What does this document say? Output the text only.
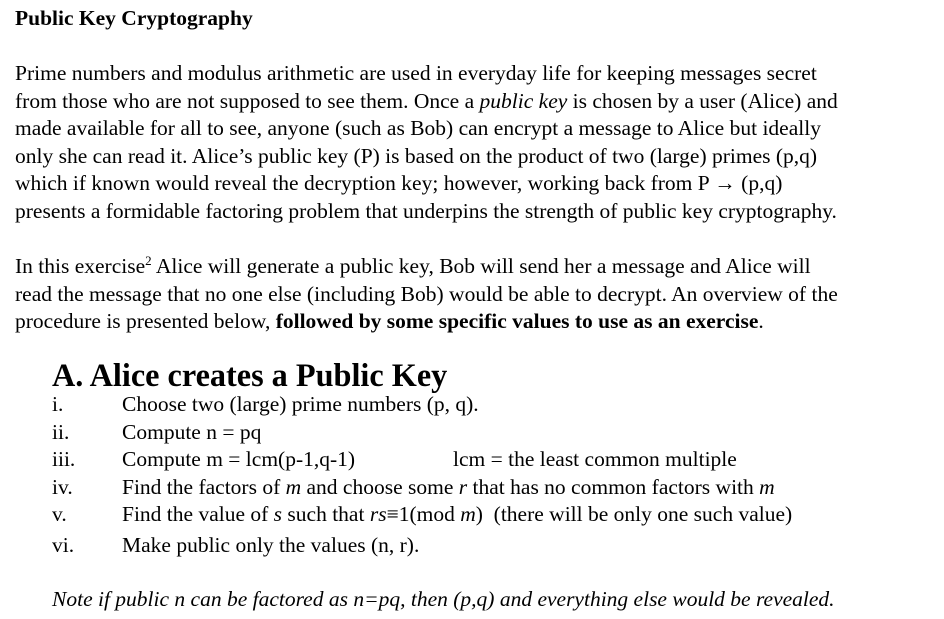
Public Key Cryptography

Prime numbers and modulus arithmetic are used in everyday life for keeping messages secret
from those who are not supposed to see them. Once a public key is chosen by a user (Alice) and
made available for all to see, anyone (such as Bob) can encrypt a message to Alice but ideally
only she can read it. Alice’s public key (P) is based on the product of two (large) primes (p,q)
which if known would reveal the decryption key; however, working back from P → (p,q)
presents a formidable factoring problem that underpins the strength of public key cryptography.

In this exercise$^2$ Alice will generate a public key, Bob will send her a message and Alice will
read the message that no one else (including Bob) would be able to decrypt. An overview of the
procedure is presented below, followed by some specific values to use as an exercise.

A. Alice creates a Public Key
i.	Choose two (large) prime numbers (p, q).
ii.	Compute n = pq
iii.	Compute m = lcm(p-1,q-1)	lcm = the least common multiple
iv.	Find the factors of m and choose some r that has no common factors with m
v.	Find the value of s such that rs≡1(mod m)  (there will be only one such value)
vi.	Make public only the values (n, r).

Note if public n can be factored as n=pq, then (p,q) and everything else would be revealed.
